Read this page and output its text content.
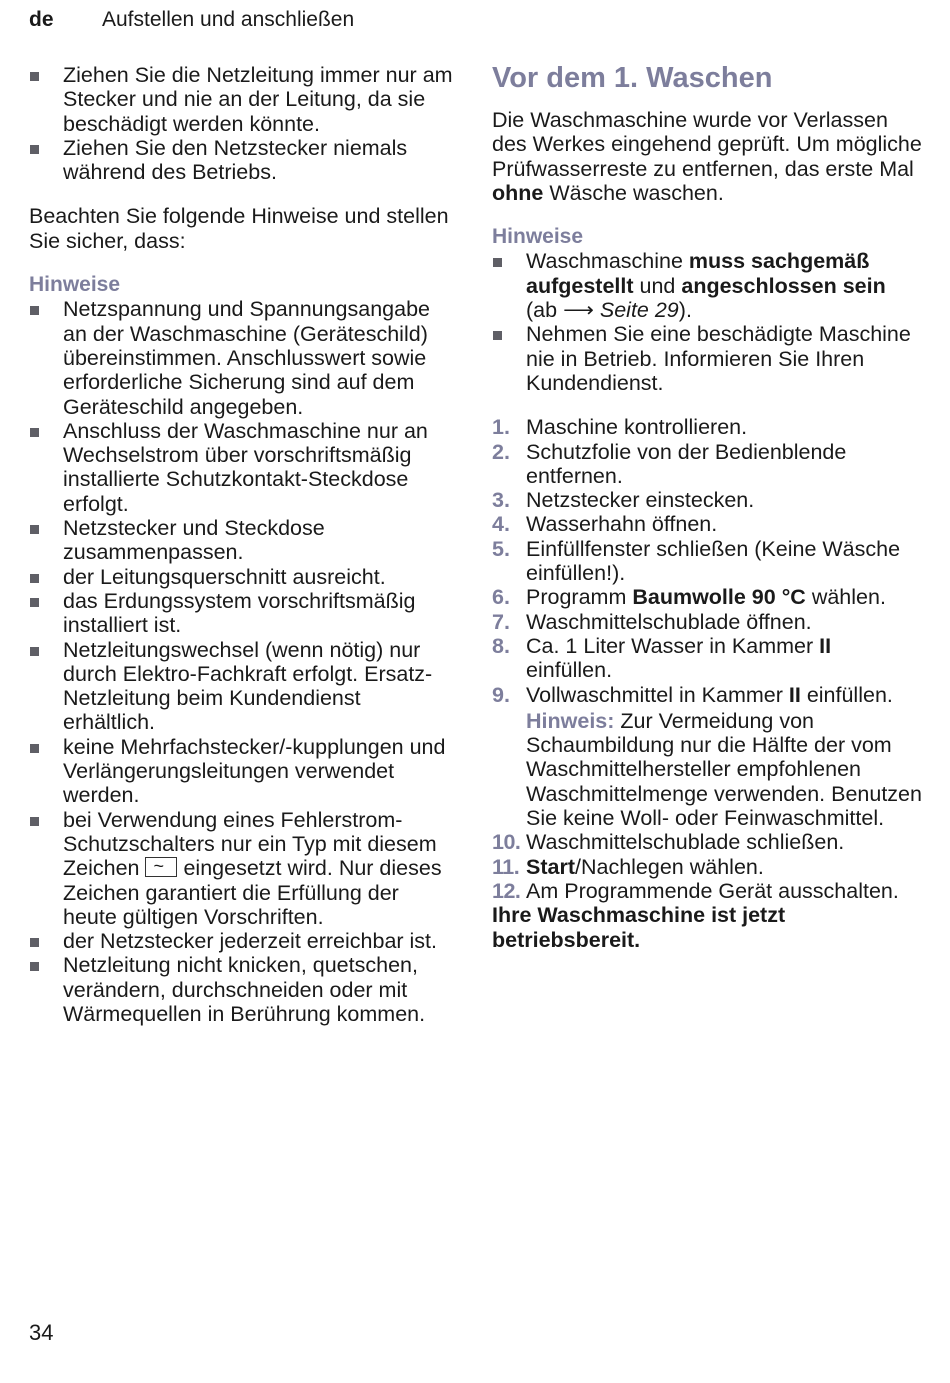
de Aufstellen und anschließen
Ziehen Sie die Netzleitung immer nur am Stecker und nie an der Leitung, da sie beschädigt werden könnte.
Ziehen Sie den Netzstecker niemals während des Betriebs.

Beachten Sie folgende Hinweise und stellen Sie sicher, dass:

Hinweise

Netzspannung und Spannungsangabe an der Waschmaschine (Geräteschild) übereinstimmen. Anschlusswert sowie erforderliche Sicherung sind auf dem Geräteschild angegeben.
Anschluss der Waschmaschine nur an Wechselstrom über vorschriftsmäßig installierte Schutzkontakt-Steckdose erfolgt.
Netzstecker und Steckdose zusammenpassen.
der Leitungsquerschnitt ausreicht.
das Erdungssystem vorschriftsmäßig installiert ist.
Netzleitungswechsel (wenn nötig) nur durch Elektro-Fachkraft erfolgt. Ersatz-Netzleitung beim Kundendienst erhältlich.
keine Mehrfachstecker/-kupplungen und Verlängerungsleitungen verwendet werden.
bei Verwendung eines Fehlerstrom-Schutzschalters nur ein Typ mit diesem Zeichen ~ eingesetzt wird. Nur dieses Zeichen garantiert die Erfüllung der heute gültigen Vorschriften.
der Netzstecker jederzeit erreichbar ist.
Netzleitung nicht knicken, quetschen, verändern, durchschneiden oder mit Wärmequellen in Berührung kommen.
Vor dem 1. Waschen

Die Waschmaschine wurde vor Verlassen des Werkes eingehend geprüft. Um mögliche Prüfwasserreste zu entfernen, das erste Mal ohne Wäsche waschen.

Hinweise

Waschmaschine muss sachgemäß aufgestellt und angeschlossen sein (ab ⟶ Seite 29).
Nehmen Sie eine beschädigte Maschine nie in Betrieb. Informieren Sie Ihren Kundendienst.
1. Maschine kontrollieren.
2. Schutzfolie von der Bedienblende entfernen.
3. Netzstecker einstecken.
4. Wasserhahn öffnen.
5. Einfüllfenster schließen (Keine Wäsche einfüllen!).
6. Programm Baumwolle 90 °C wählen.
7. Waschmittelschublade öffnen.
8. Ca. 1 Liter Wasser in Kammer II einfüllen.
9. Vollwaschmittel in Kammer II einfüllen.
Hinweis: Zur Vermeidung von Schaumbildung nur die Hälfte der vom Waschmittelhersteller empfohlenen Waschmittelmenge verwenden. Benutzen Sie keine Woll- oder Feinwaschmittel.
10. Waschmittelschublade schließen.
11. Start/Nachlegen wählen.
12. Am Programmende Gerät ausschalten.

Ihre Waschmaschine ist jetzt betriebsbereit.

34
